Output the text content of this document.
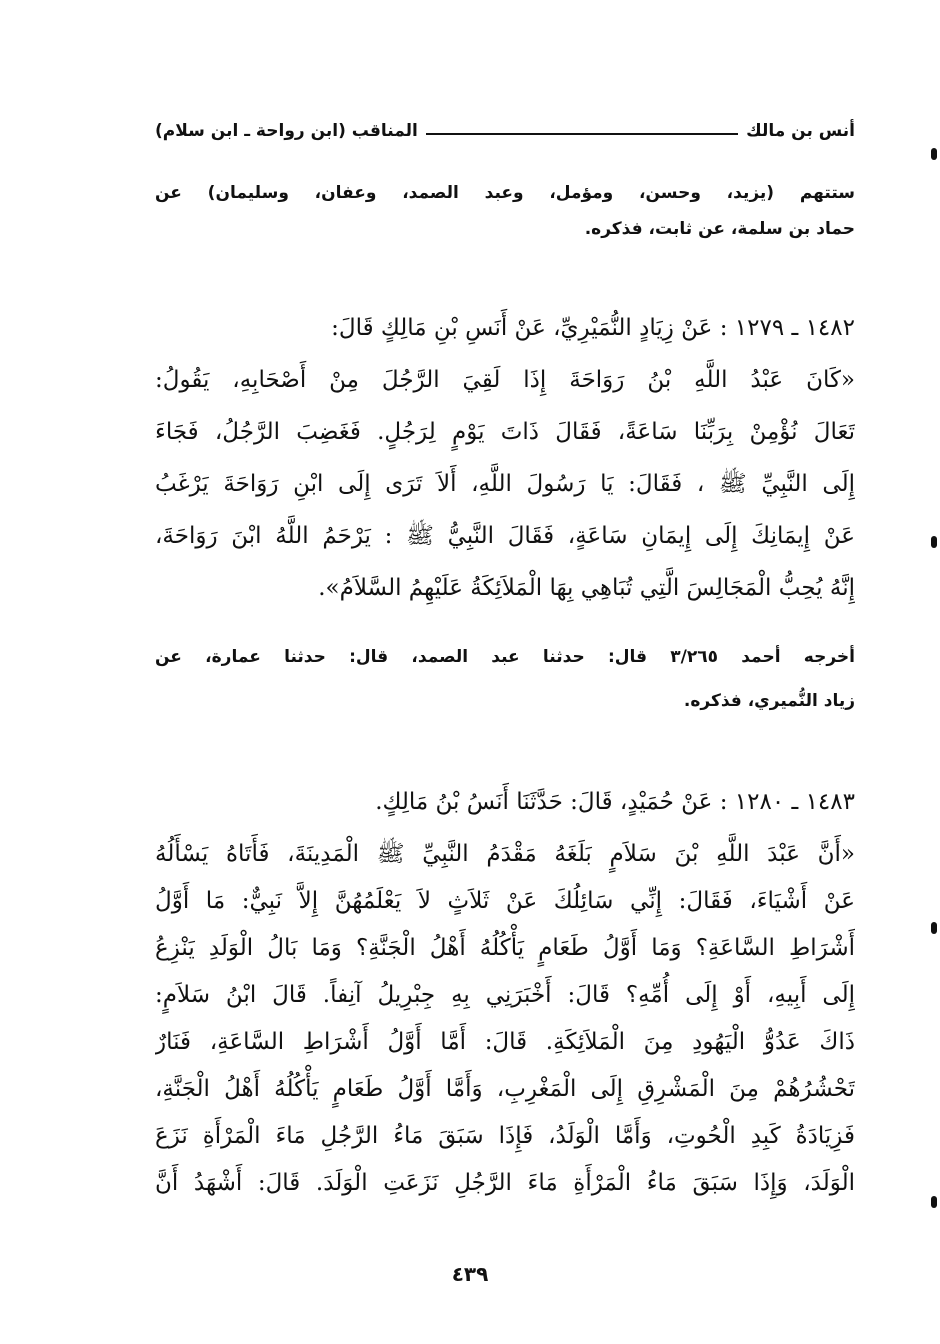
أنس بن مالك
المناقب (ابن رواحة ـ ابن سلام)
ستتهم (يزيد، وحسن، ومؤمل، وعبد الصمد، وعفان، وسليمان) عن
حماد بن سلمة، عن ثابت، فذكره.
١٤٨٢ ـ ١٢٧٩ : عَنْ زِيَادٍ النُّمَيْرِيِّ، عَنْ أَنَسِ بْنِ مَالِكٍ قَالَ:
«كَانَ عَبْدُ اللَّهِ بْنُ رَوَاحَةَ إِذَا لَقِيَ الرَّجُلَ مِنْ أَصْحَابِهِ، يَقُولُ:
تَعَالَ نُؤْمِنْ بِرَبِّنَا سَاعَةً، فَقَالَ ذَاتَ يَوْمٍ لِرَجُلٍ. فَغَضِبَ الرَّجُلُ، فَجَاءَ
إِلَى النَّبِيِّ ﷺ ، فَقَالَ: يَا رَسُولَ اللَّهِ، أَلاَ تَرَى إِلَى ابْنِ رَوَاحَةَ يَرْغَبُ
عَنْ إِيمَانِكَ إِلَى إِيمَانِ سَاعَةٍ، فَقَالَ النَّبِيُّ ﷺ : يَرْحَمُ اللَّهُ ابْنَ رَوَاحَةَ،
إِنَّهُ يُحِبُّ الْمَجَالِسَ الَّتِي تُبَاهِي بِهَا الْمَلاَئِكَةُ عَلَيْهِمُ السَّلاَمُ».
أخرجه أحمد ٣/٢٦٥ قال: حدثنا عبد الصمد، قال: حدثنا عمارة، عن
زياد النُّميري، فذكره.
١٤٨٣ ـ ١٢٨٠ : عَنْ حُمَيْدٍ، قَالَ: حَدَّثَنَا أَنَسُ بْنُ مَالِكٍ.
«أَنَّ عَبْدَ اللَّهِ بْنَ سَلاَمٍ بَلَغَهُ مَقْدَمُ النَّبِيِّ ﷺ الْمَدِينَةَ، فَأَتَاهُ يَسْأَلُهُ
عَنْ أَشْيَاءَ، فَقَالَ: إِنِّي سَائِلُكَ عَنْ ثَلاَثٍ لاَ يَعْلَمُهُنَّ إِلاَّ نَبِيٌّ: مَا أَوَّلُ
أَشْرَاطِ السَّاعَةِ؟ وَمَا أَوَّلُ طَعَامٍ يَأْكُلُهُ أَهْلُ الْجَنَّةِ؟ وَمَا بَالُ الْوَلَدِ يَنْزِعُ
إِلَى أَبِيهِ، أَوْ إِلَى أُمِّهِ؟ قَالَ: أَخْبَرَنِي بِهِ جِبْرِيلُ آنِفاً. قَالَ ابْنُ سَلاَمٍ:
ذَاكَ عَدُوُّ الْيَهُودِ مِنَ الْمَلاَئِكَةِ. قَالَ: أَمَّا أَوَّلُ أَشْرَاطِ السَّاعَةِ، فَنَارٌ
تَحْشُرُهُمْ مِنَ الْمَشْرِقِ إِلَى الْمَغْرِبِ، وَأَمَّا أَوَّلُ طَعَامٍ يَأْكُلُهُ أَهْلُ الْجَنَّةِ،
فَزِيَادَةُ كَبِدِ الْحُوتِ، وَأَمَّا الْوَلَدُ، فَإِذَا سَبَقَ مَاءُ الرَّجُلِ مَاءَ الْمَرْأَةِ نَزَعَ
الْوَلَدَ، وَإِذَا سَبَقَ مَاءُ الْمَرْأَةِ مَاءَ الرَّجُلِ نَزَعَتِ الْوَلَدَ. قَالَ: أَشْهَدُ أَنَّ
٤٣٩
